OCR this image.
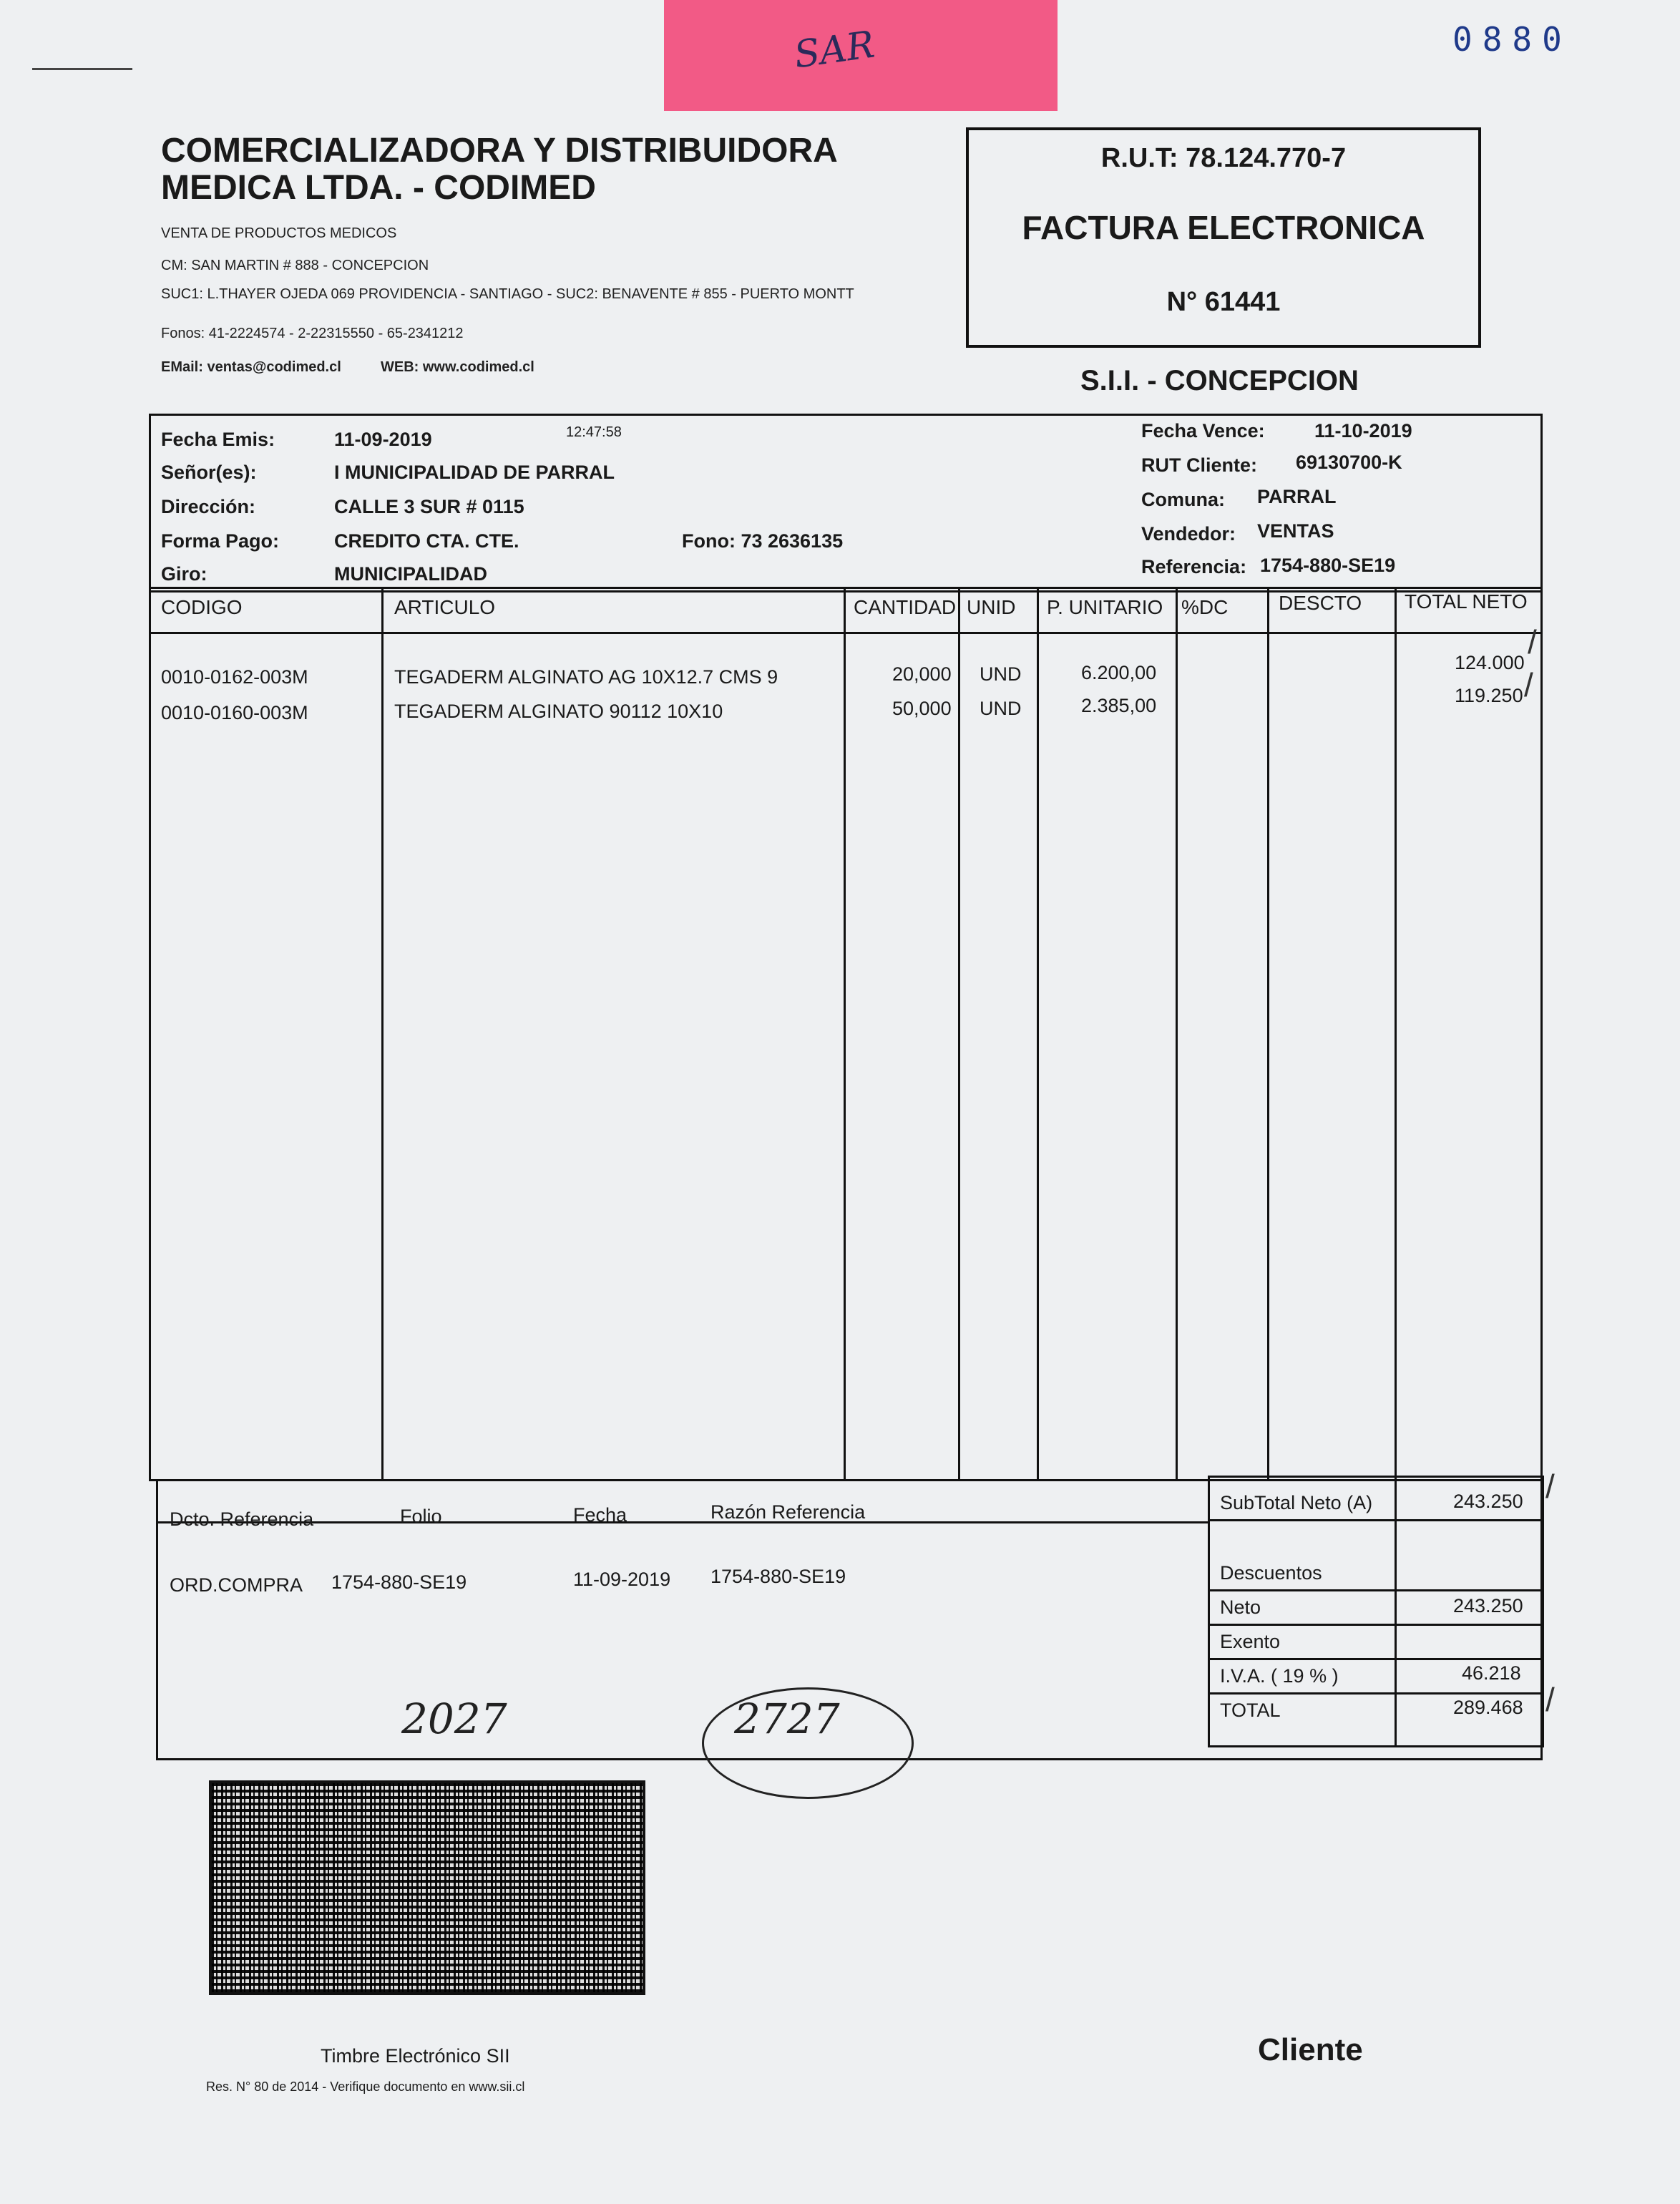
SAR	0880
COMERCIALIZADORA Y DISTRIBUIDORA
MEDICA LTDA. - CODIMED
VENTA DE PRODUCTOS MEDICOS
CM: SAN MARTIN # 888 - CONCEPCION
SUC1: L.THAYER OJEDA 069 PROVIDENCIA - SANTIAGO - SUC2: BENAVENTE # 855 - PUERTO MONTT
Fonos: 41-2224574 - 2-22315550 - 65-2341212
EMail: ventas@codimed.cl	WEB: www.codimed.cl
R.U.T: 78.124.770-7
FACTURA ELECTRONICA
N° 61441
S.I.I. - CONCEPCION
Fecha Emis:	11-09-2019	12:47:58
Señor(es):	I MUNICIPALIDAD DE PARRAL
Dirección:	CALLE 3 SUR # 0115
Forma Pago:	CREDITO CTA. CTE.	Fono: 73 2636135
Giro:	MUNICIPALIDAD
Fecha Vence:	11-10-2019
RUT Cliente: 69130700-K
Comuna: PARRAL
Vendedor: VENTAS
Referencia: 1754-880-SE19
CODIGO	ARTICULO	CANTIDAD UNID P. UNITARIO %DC	DESCTO TOTAL NETO
0010-0162-003M	TEGADERM ALGINATO AG 10X12.7 CMS 9	20,000 UND	6.200,00	124.000
0010-0160-003M	TEGADERM ALGINATO 90112 10X10	50,000 UND	2.385,00	119.250
/
/
Dcto. Referencia	Folio	Fecha	Razón Referencia
ORD.COMPRA 1754-880-SE19	11-09-2019 1754-880-SE19
2027	2727
SubTotal Neto (A)	243.250
Descuentos
Neto	243.250
Exento
I.V.A. ( 19 % )	46.218
TOTAL	289.468
/
/
Timbre Electrónico SII
Res. N° 80 de 2014 - Verifique documento en www.sii.cl
Cliente
